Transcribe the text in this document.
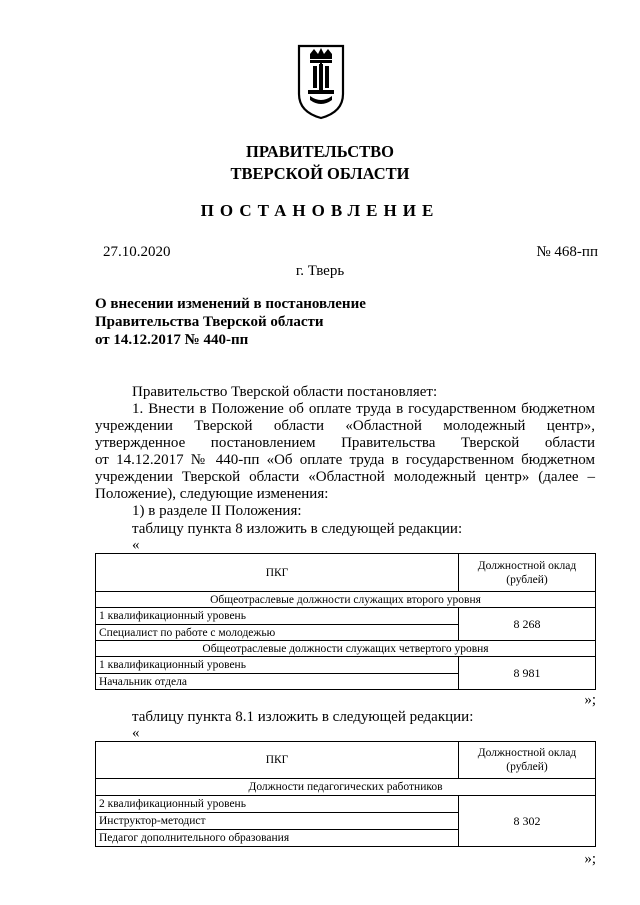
ПРАВИТЕЛЬСТВО
ТВЕРСКОЙ ОБЛАСТИ
ПОСТАНОВЛЕНИЕ
27.10.2020	№ 468-пп
г. Тверь
О внесении изменений в постановление
Правительства Тверской области
от 14.12.2017 № 440-пп
Правительство Тверской области постановляет:
1. Внести в Положение об оплате труда в государственном бюджетном
учреждении Тверской области «Областной молодежный центр»,
утвержденное постановлением Правительства Тверской области
от 14.12.2017 № 440-пп «Об оплате труда в государственном бюджетном
учреждении Тверской области «Областной молодежный центр» (далее –
Положение), следующие изменения:
1) в разделе II Положения:
таблицу пункта 8 изложить в следующей редакции:
«
ПКГ	Должностной оклад
(рублей)
Общеотраслевые должности служащих второго уровня	
1 квалификационный уровень	8 268
Специалист по работе с молодежью	
Общеотраслевые должности служащих четвертого уровня	
1 квалификационный уровень	8 981
Начальник отдела	
»;
таблицу пункта 8.1 изложить в следующей редакции:
«
ПКГ	Должностной оклад
(рублей)
Должности педагогических работников	
2 квалификационный уровень	8 302
Инструктор-методист	
Педагог дополнительного образования	
»;
